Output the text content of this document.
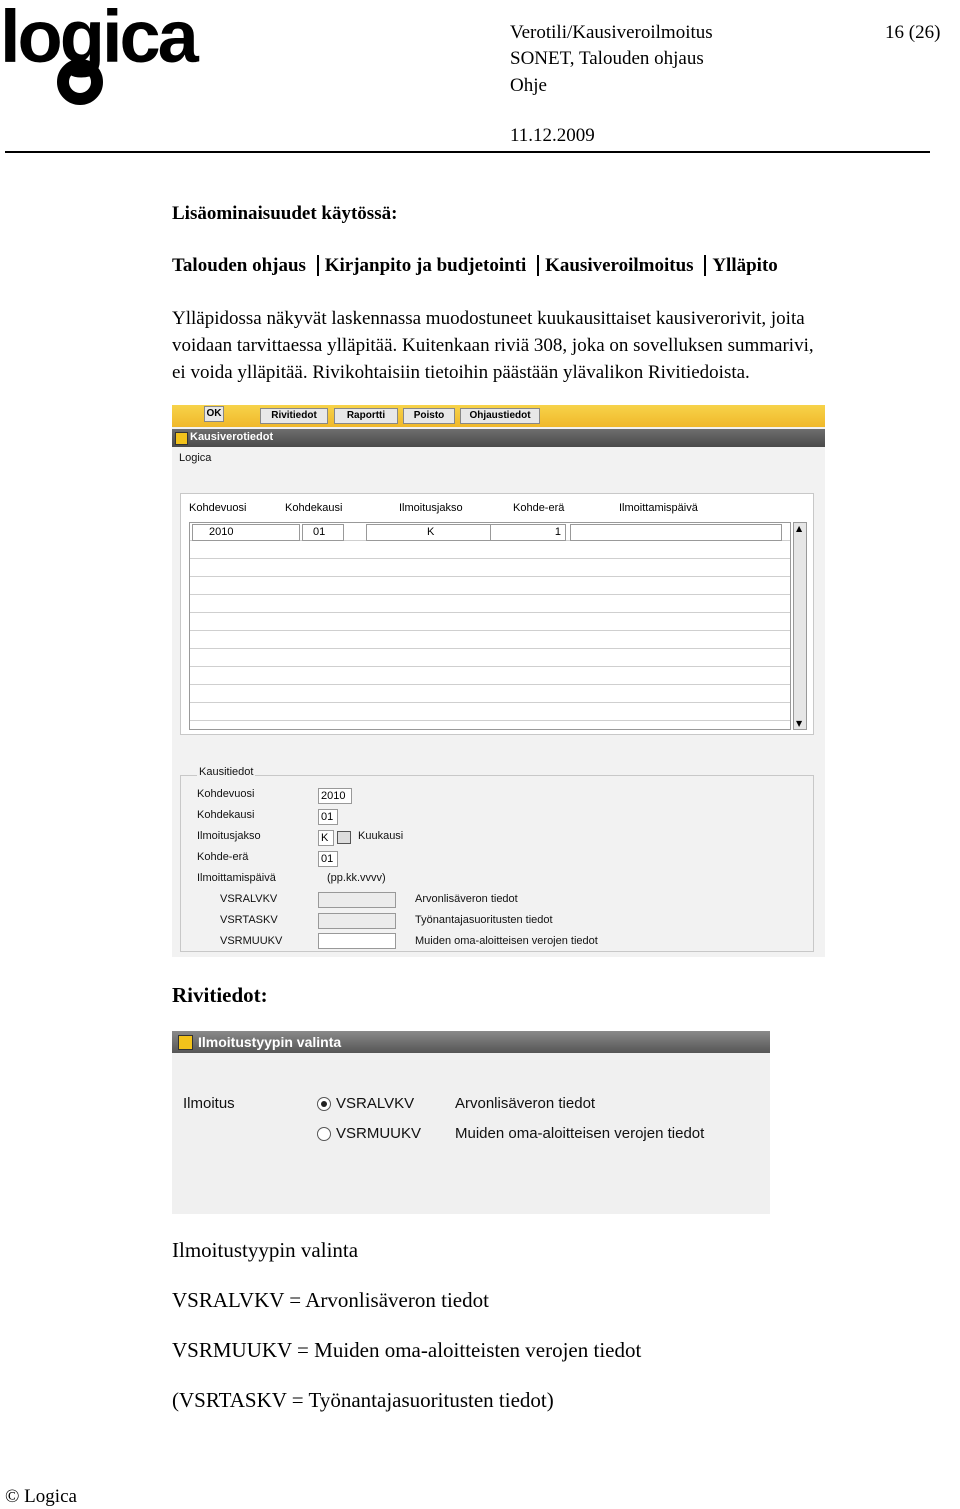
logica	Verotili/Kausiveroilmoitus	16 (26)
SONET, Talouden ohjaus
Ohje
11.12.2009
Lisäominaisuudet käytössä:
Talouden ohjaus Kirjanpito ja budjetointi Kausiveroilmoitus Ylläpito
Ylläpidossa näkyvät laskennassa muodostuneet kuukausittaiset kausiverorivit, joita
voidaan tarvittaessa ylläpitää. Kuitenkaan riviä 308, joka on sovelluksen summarivi,
ei voida ylläpitää. Rivikohtaisiin tietoihin päästään ylävalikon Rivitiedoista.
OK	Rivitiedot	Raportti	Poisto	Ohjaustiedot
Kausiverotiedot
Logica
Kohdevuosi	Kohdekausi	Ilmoitusjakso	Kohde-erä	Ilmoittamispäivä
2010	01	K	1	▲
▼
Kausitiedot
Kohdevuosi	2010
Kohdekausi	01
Ilmoitusjakso	K	Kuukausi
Kohde-erä	01
Ilmoittamispäivä	(pp.kk.vvvv)
VSRALVKV	Arvonlisäveron tiedot
VSRTASKV	Työnantajasuoritusten tiedot
VSRMUUKV	Muiden oma-aloitteisen verojen tiedot
Rivitiedot:
Ilmoitustyypin valinta
Ilmoitus	VSRALVKV	Arvonlisäveron tiedot
VSRMUUKV Muiden oma-aloitteisen verojen tiedot
Ilmoitustyypin valinta
VSRALVKV = Arvonlisäveron tiedot
VSRMUUKV = Muiden oma-aloitteisten verojen tiedot
(VSRTASKV = Työnantajasuoritusten tiedot)
© Logica
